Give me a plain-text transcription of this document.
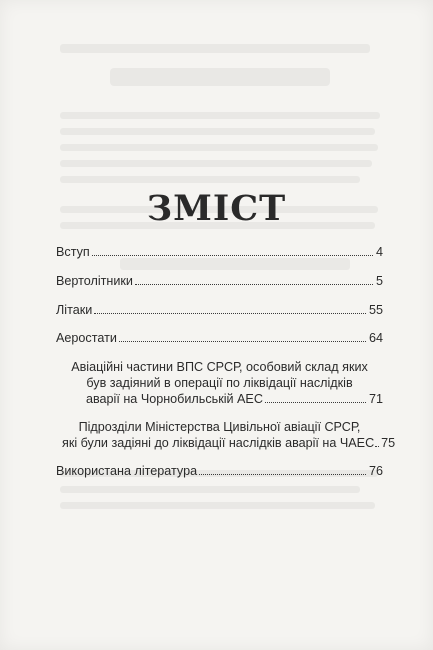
ЗМІСТ
Вступ	4
Вертолітники	5
Літаки	55
Аеростати	64
Авіаційні частини ВПС СРСР, особовий склад яких
був задіяний в операції по ліквідації наслідків
аварії на Чорнобильській АЕС	71
Підрозділи Міністерства Цивільної авіації СРСР,
які були задіяні до ліквідації наслідків аварії на ЧАЕС 75
Використана література	76
